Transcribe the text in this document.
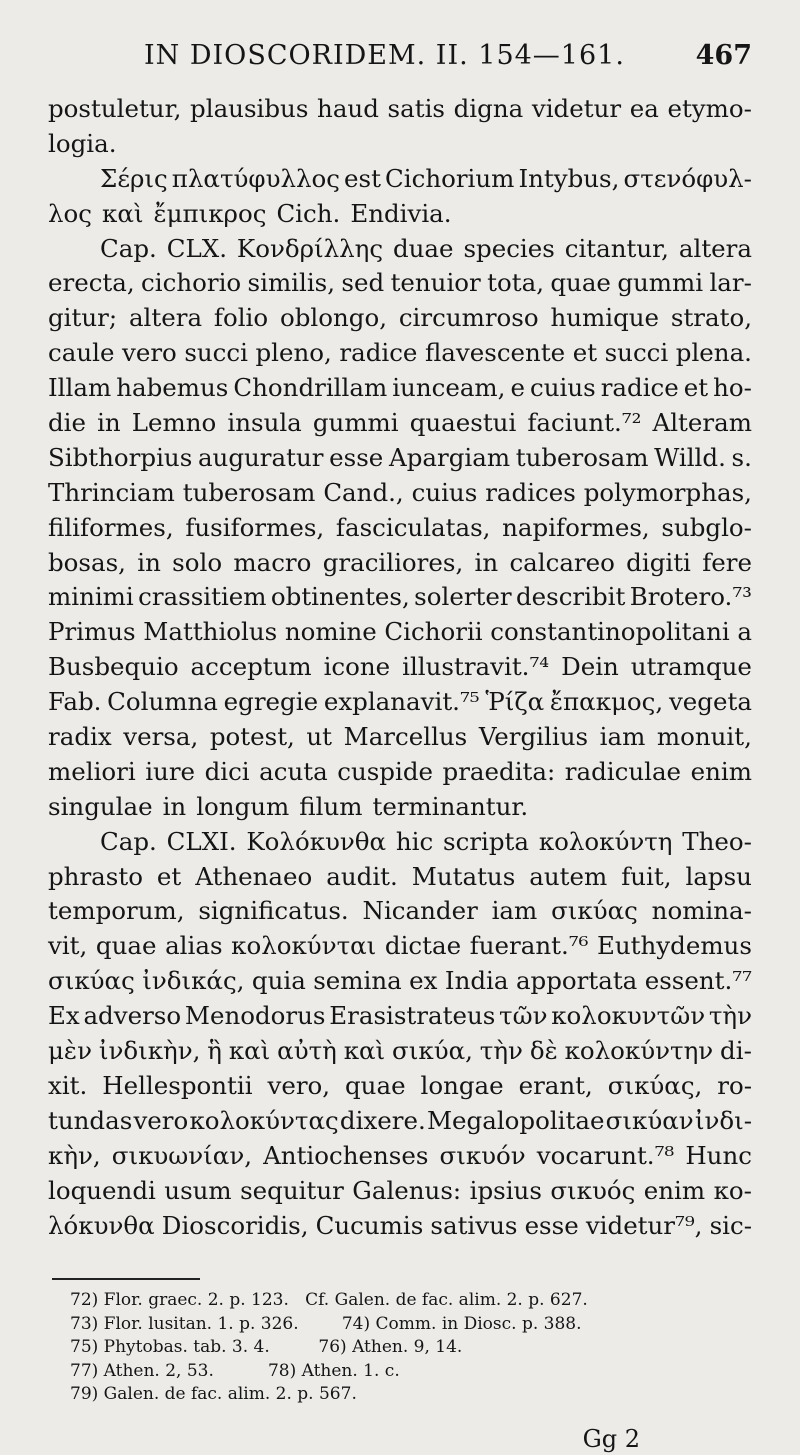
IN DIOSCORIDEM. II. 154—161.	467
postuletur, plausibus haud satis digna videtur ea etymo-
logia.
Σέρις πλατύφυλλος est Cichorium Intybus, στενόφυλ-
λος καὶ ἔμπικρος Cich. Endivia.
Cap. CLX. Κονδρίλλης duae species citantur, altera
erecta, cichorio similis, sed tenuior tota, quae gummi lar-
gitur; altera folio oblongo, circumroso humique strato,
caule vero succi pleno, radice flavescente et succi plena.
Illam habemus Chondrillam iunceam, e cuius radice et ho-
die in Lemno insula gummi quaestui faciunt.⁷² Alteram
Sibthorpius auguratur esse Apargiam tuberosam Willd. s.
Thrinciam tuberosam Cand., cuius radices polymorphas,
filiformes, fusiformes, fasciculatas, napiformes, subglo-
bosas, in solo macro graciliores, in calcareo digiti fere
minimi crassitiem obtinentes, solerter describit Brotero.⁷³
Primus Matthiolus nomine Cichorii constantinopolitani a
Busbequio acceptum icone illustravit.⁷⁴ Dein utramque
Fab. Columna egregie explanavit.⁷⁵ Ῥίζα ἔπακμος, vegeta
radix versa, potest, ut Marcellus Vergilius iam monuit,
meliori iure dici acuta cuspide praedita: radiculae enim
singulae in longum filum terminantur.
Cap. CLXI. Κολόκυνθα hic scripta κολοκύντη Theo-
phrasto et Athenaeo audit. Mutatus autem fuit, lapsu
temporum, significatus. Nicander iam σικύας nomina-
vit, quae alias κολοκύνται dictae fuerant.⁷⁶ Euthydemus
σικύας ἰνδικάς, quia semina ex India apportata essent.⁷⁷
Ex adverso Menodorus Erasistrateus τῶν κολοκυντῶν τὴν
μὲν ἰνδικὴν, ἣ καὶ αὐτὴ καὶ σικύα, τὴν δὲ κολοκύντην di-
xit. Hellespontii vero, quae longae erant, σικύας, ro-
tundas vero κολοκύντας dixere. Megalopolitae σικύαν ἰνδι-
κὴν, σικυωνίαν, Antiochenses σικυόν vocarunt.⁷⁸ Hunc
loquendi usum sequitur Galenus: ipsius σικυός enim κο-
λόκυνθα Dioscoridis, Cucumis sativus esse videtur⁷⁹, sic-
72) Flor. graec. 2. p. 123.   Cf. Galen. de fac. alim. 2. p. 627.
73) Flor. lusitan. 1. p. 326.        74) Comm. in Diosc. p. 388.
75) Phytobas. tab. 3. 4.         76) Athen. 9, 14.
77) Athen. 2, 53.          78) Athen. 1. c.
79) Galen. de fac. alim. 2. p. 567.
Gg 2
